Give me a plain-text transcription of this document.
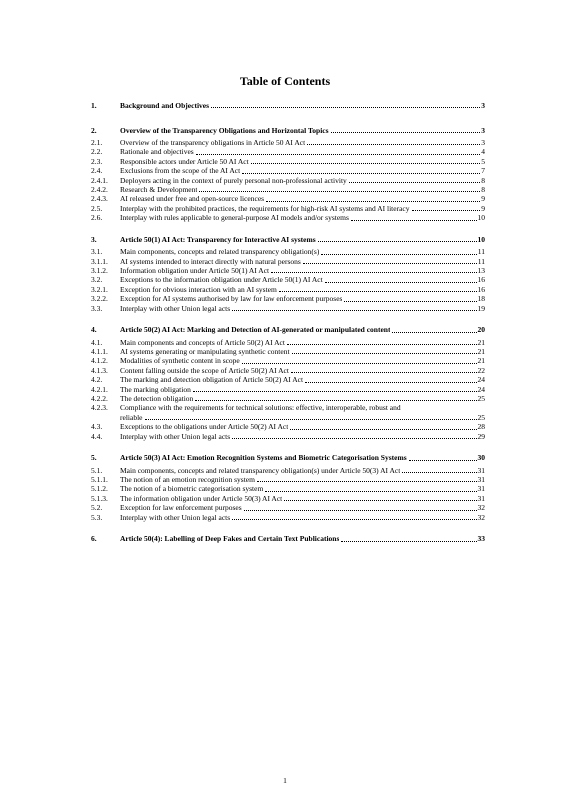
Table of Contents
1.	Background and Objectives	3
2.	Overview of the Transparency Obligations and Horizontal Topics	3
2.1.	Overview of the transparency obligations in Article 50 AI Act	3
2.2.	Rationale and objectives	4
2.3.	Responsible actors under Article 50 AI Act	5
2.4.	Exclusions from the scope of the AI Act	7
2.4.1.	Deployers acting in the context of purely personal non-professional activity	8
2.4.2.	Research & Development	8
2.4.3.	AI released under free and open-source licences	9
2.5.	Interplay with the prohibited practices, the requirements for high-risk AI systems and AI literacy	9
2.6.	Interplay with rules applicable to general-purpose AI models and/or systems	10
3.	Article 50(1) AI Act: Transparency for Interactive AI systems	10
3.1.	Main components, concepts and related transparency obligation(s)	11
3.1.1.	AI systems intended to interact directly with natural persons	11
3.1.2.	Information obligation under Article 50(1) AI Act	13
3.2.	Exceptions to the information obligation under Article 50(1) AI Act	16
3.2.1.	Exception for obvious interaction with an AI system	16
3.2.2.	Exception for AI systems authorised by law for law enforcement purposes	18
3.3.	Interplay with other Union legal acts	19
4.	Article 50(2) AI Act: Marking and Detection of AI-generated or manipulated content	20
4.1.	Main components and concepts of Article 50(2) AI Act	21
4.1.1.	AI systems generating or manipulating synthetic content	21
4.1.2.	Modalities of synthetic content in scope	21
4.1.3.	Content falling outside the scope of Article 50(2) AI Act	22
4.2.	The marking and detection obligation of Article 50(2) AI Act	24
4.2.1.	The marking obligation	24
4.2.2.	The detection obligation	25
4.2.3.	Compliance with the requirements for technical solutions: effective, interoperable, robust and
reliable	25
4.3.	Exceptions to the obligations under Article 50(2) AI Act	28
4.4.	Interplay with other Union legal acts	29
5.	Article 50(3) AI Act: Emotion Recognition Systems and Biometric Categorisation Systems	30
5.1.	Main components, concepts and related transparency obligation(s) under Article 50(3) AI Act	31
5.1.1.	The notion of an emotion recognition system	31
5.1.2.	The notion of a biometric categorisation system	31
5.1.3.	The information obligation under Article 50(3) AI Act	31
5.2.	Exception for law enforcement purposes	32
5.3.	Interplay with other Union legal acts	32
6.	Article 50(4): Labelling of Deep Fakes and Certain Text Publications	33
1
